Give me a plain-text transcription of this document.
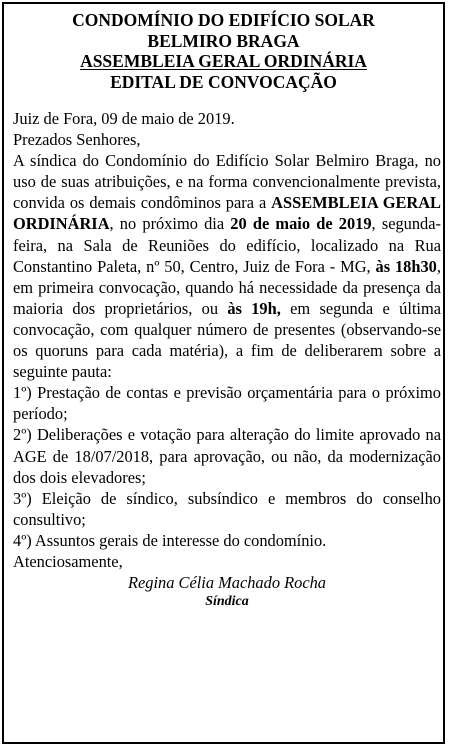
CONDOMÍNIO DO EDIFÍCIO SOLAR
BELMIRO BRAGA
ASSEMBLEIA GERAL ORDINÁRIA
EDITAL DE CONVOCAÇÃO

Juiz de Fora, 09 de maio de 2019.

Prezados Senhores,

A síndica do Condomínio do Edifício Solar Belmiro Braga, no uso de suas atribuições, e na forma convencionalmente prevista, convida os demais condôminos para a ASSEMBLEIA GERAL ORDINÁRIA, no próximo dia 20 de maio de 2019, segunda-feira, na Sala de Reuniões do edifício, localizado na Rua Constantino Paleta, nº 50, Centro, Juiz de Fora - MG, às 18h30, em primeira convocação, quando há necessidade da presença da maioria dos proprietários, ou às 19h, em segunda e última convocação, com qualquer número de presentes (observando-se os quoruns para cada matéria), a fim de deliberarem sobre a seguinte pauta:

1º) Prestação de contas e previsão orçamentária para o próximo período;

2º) Deliberações e votação para alteração do limite aprovado na AGE de 18/07/2018, para aprovação, ou não, da modernização dos dois elevadores;

3º) Eleição de síndico, subsíndico e membros do conselho consultivo;

4º) Assuntos gerais de interesse do condomínio.

Atenciosamente,

Regina Célia Machado Rocha

Síndica
